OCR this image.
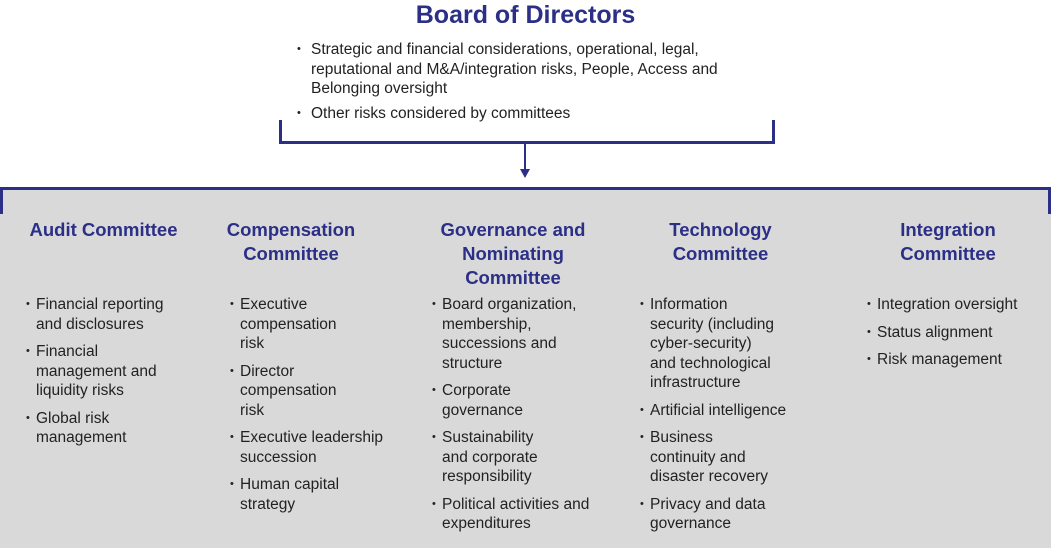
Board of Directors
• Strategic and financial considerations, operational, legal, reputational and M&A/integration risks, People, Access and Belonging oversight
• Other risks considered by committees
Audit Committee
• Financial reporting and disclosures
• Financial management and liquidity risks
• Global risk management
Compensation Committee
• Executive compensation risk
• Director compensation risk
• Executive leadership succession
• Human capital strategy
Governance and Nominating Committee
• Board organization, membership, successions and structure
• Corporate governance
• Sustainability and corporate responsibility
• Political activities and expenditures
Technology Committee
• Information security (including cyber-security) and technological infrastructure
• Artificial intelligence
• Business continuity and disaster recovery
• Privacy and data governance
Integration Committee
• Integration oversight
• Status alignment
• Risk management
